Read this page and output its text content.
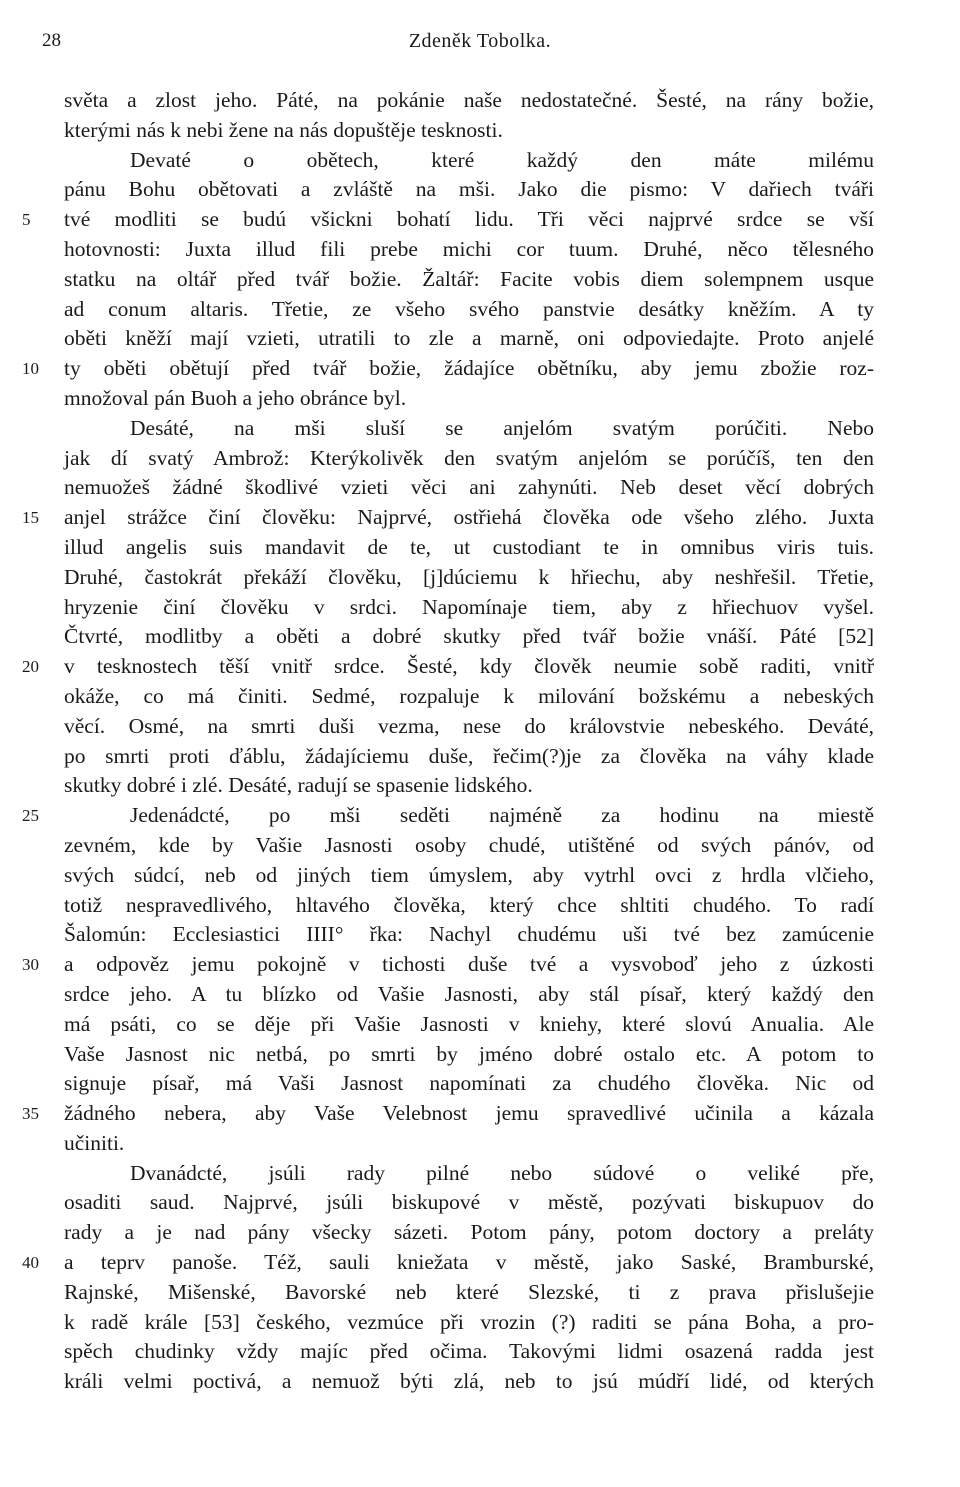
28	Zdeněk Tobolka.
světa a zlost jeho. Páté, na pokánie naše nedostatečné. Šesté, na rány božie,
kterými nás k nebi žene na nás dopuštěje tesknosti.
Devaté o obětech, které každý den máte milému
pánu Bohu obětovati a zvláště na mši. Jako die pismo: V dařiech tváři
5	tvé modliti se budú všickni bohatí lidu. Tři věci najprvé srdce se vší
hotovnosti: Juxta illud fili prebe michi cor tuum. Druhé, něco tělesného
statku na oltář před tvář božie. Žaltář: Facite vobis diem solempnem usque
ad conum altaris. Třetie, ze všeho svého panstvie desátky kněžím. A ty
oběti kněží mají vzieti, utratili to zle a marně, oni odpoviedajte. Proto anjelé
10	ty oběti obětují před tvář božie, žádajíce obětníku, aby jemu zbožie roz-
množoval pán Buoh a jeho obránce byl.
Desáté, na mši sluší se anjelóm svatým porúčiti. Nebo
jak dí svatý Ambrož: Kterýkolivěk den svatým anjelóm se porúčíš, ten den
nemuožeš žádné škodlivé vzieti věci ani zahynúti. Neb deset věcí dobrých
15	anjel strážce činí člověku: Najprvé, ostřiehá člověka ode všeho zlého. Juxta
illud angelis suis mandavit de te, ut custodiant te in omnibus viris tuis.
Druhé, častokrát překáží člověku, [j]dúciemu k hřiechu, aby neshřešil. Třetie,
hryzenie činí člověku v srdci. Napomínaje tiem, aby z hřiechuov vyšel.
Čtvrté, modlitby a oběti a dobré skutky před tvář božie vnáší. Páté [52]
20	v tesknostech těší vnitř srdce. Šesté, kdy člověk neumie sobě raditi, vnitř
okáže, co má činiti. Sedmé, rozpaluje k milování božskému a nebeských
věcí. Osmé, na smrti duši vezma, nese do královstvie nebeského. Deváté,
po smrti proti ďáblu, žádajíciemu duše, řečim(?)je za člověka na váhy klade
skutky dobré i zlé. Desáté, radují se spasenie lidského.
25	Jedenádcté, po mši seděti najméně za hodinu na miestě
zevném, kde by Vašie Jasnosti osoby chudé, utištěné od svých pánóv, od
svých súdcí, neb od jiných tiem úmyslem, aby vytrhl ovci z hrdla vlčieho,
totiž nespravedlivého, hltavého člověka, který chce shltiti chudého. To radí
Šalomún: Ecclesiastici IIII° řka: Nachyl chudému uši tvé bez zamúcenie
30	a odpověz jemu pokojně v tichosti duše tvé a vysvoboď jeho z úzkosti
srdce jeho. A tu blízko od Vašie Jasnosti, aby stál písař, který každý den
má psáti, co se děje při Vašie Jasnosti v kniehy, které slovú Anualia. Ale
Vaše Jasnost nic netbá, po smrti by jméno dobré ostalo etc. A potom to
signuje písař, má Vaši Jasnost napomínati za chudého člověka. Nic od
35	žádného nebera, aby Vaše Velebnost jemu spravedlivé učinila a kázala
učiniti.
Dvanádcté, jsúli rady pilné nebo súdové o veliké pře,
osaditi saud. Najprvé, jsúli biskupové v městě, pozývati biskupuov do
rady a je nad pány všecky sázeti. Potom pány, potom doctory a preláty
40	a teprv panoše. Též, sauli kniežata v městě, jako Saské, Bramburské,
Rajnské, Mišenské, Bavorské neb které Slezské, ti z prava přislušejie
k radě krále [53] českého, vezmúce při vrozin (?) raditi se pána Boha, a pro-
spěch chudinky vždy majíc před očima. Takovými lidmi osazená radda jest
králi velmi poctivá, a nemuož býti zlá, neb to jsú múdří lidé, od kterých
